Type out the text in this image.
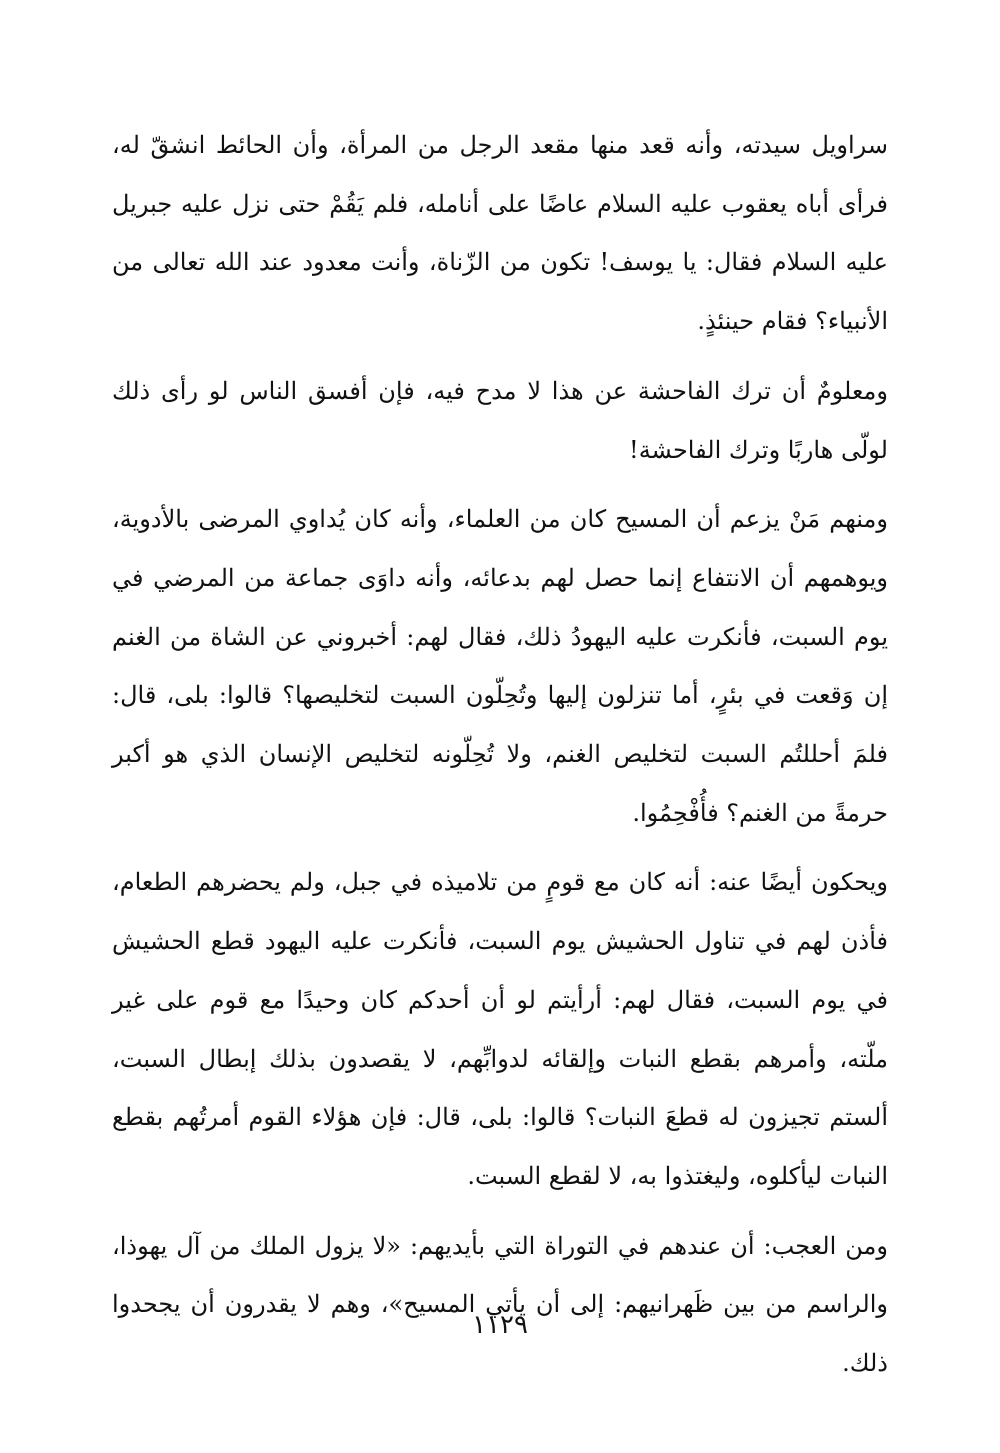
سراويل سيدته، وأنه قعد منها مقعد الرجل من المرأة، وأن الحائط انشقّ له، فرأى أباه يعقوب عليه السلام عاضًا على أنامله، فلم يَقُمْ حتى نزل عليه جبريل عليه السلام فقال: يا يوسف! تكون من الزّناة، وأنت معدود عند الله تعالى من الأنبياء؟ فقام حينئذٍ.

ومعلومٌ أن ترك الفاحشة عن هذا لا مدح فيه، فإن أفسق الناس لو رأى ذلك لولّى هاربًا وترك الفاحشة!

ومنهم مَنْ يزعم أن المسيح كان من العلماء، وأنه كان يُداوي المرضى بالأدوية، ويوهمهم أن الانتفاع إنما حصل لهم بدعائه، وأنه داوَى جماعة من المرضي في يوم السبت، فأنكرت عليه اليهودُ ذلك، فقال لهم: أخبروني عن الشاة من الغنم إن وَقعت في بئرٍ، أما تنزلون إليها وتُحِلّون السبت لتخليصها؟ قالوا: بلى، قال: فلمَ أحللتُم السبت لتخليص الغنم، ولا تُحِلّونه لتخليص الإنسان الذي هو أكبر حرمةً من الغنم؟ فأُفْحِمُوا.

ويحكون أيضًا عنه: أنه كان مع قومٍ من تلاميذه في جبل، ولم يحضرهم الطعام، فأذن لهم في تناول الحشيش يوم السبت، فأنكرت عليه اليهود قطع الحشيش في يوم السبت، فقال لهم: أرأيتم لو أن أحدكم كان وحيدًا مع قوم على غير ملّته، وأمرهم بقطع النبات وإلقائه لدوابِّهم، لا يقصدون بذلك إبطال السبت، ألستم تجيزون له قطعَ النبات؟ قالوا: بلى، قال: فإن هؤلاء القوم أمرتُهم بقطع النبات ليأكلوه، وليغتذوا به، لا لقطع السبت.

ومن العجب: أن عندهم في التوراة التي بأيديهم: «لا يزول الملك من آل يهوذا، والراسم من بين ظَهرانيهم: إلى أن يأتي المسيح»، وهم لا يقدرون أن يجحدوا ذلك.

١١٢٩
